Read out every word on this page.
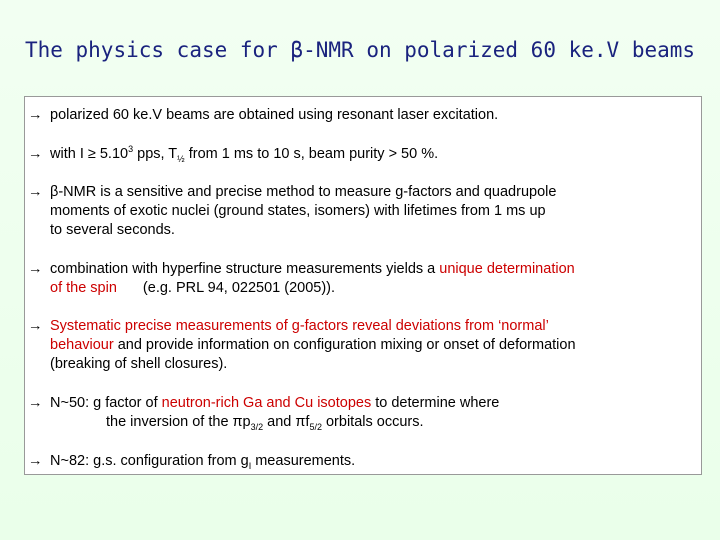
The physics case for β-NMR on polarized 60 ke.V beams
→ polarized 60 ke.V beams are obtained using resonant laser excitation.
→ with $I \ge 5.10^3$ pps, $T_{\frac{1}{2}}$ from 1 ms to 10 s, beam purity > 50 %.
→ β-NMR is a sensitive and precise method to measure g-factors and quadrupole
moments of exotic nuclei (ground states, isomers) with lifetimes from 1 ms up
to several seconds.
→ combination with hyperfine structure measurements yields a unique determination
of the spin (e.g. PRL 94, 022501 (2005)).
→ Systematic precise measurements of g-factors reveal deviations from ‘normal’
behaviour and provide information on configuration mixing or onset of deformation
(breaking of shell closures).
→ N~50: g factor of neutron-rich Ga and Cu isotopes to determine where
the inversion of the $\pi p_{3/2}$ and $\pi f_{5/2}$ orbitals occurs.
→ N~82: g.s. configuration from $g_I$ measurements.
